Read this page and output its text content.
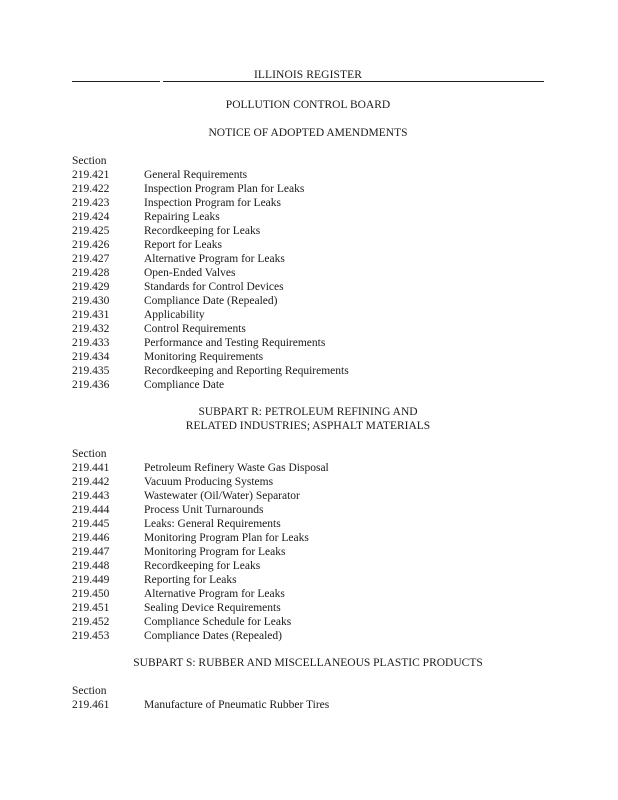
ILLINOIS REGISTER
POLLUTION CONTROL BOARD
NOTICE OF ADOPTED AMENDMENTS
Section
219.421	General Requirements
219.422	Inspection Program Plan for Leaks
219.423	Inspection Program for Leaks
219.424	Repairing Leaks
219.425	Recordkeeping for Leaks
219.426	Report for Leaks
219.427	Alternative Program for Leaks
219.428	Open-Ended Valves
219.429	Standards for Control Devices
219.430	Compliance Date (Repealed)
219.431	Applicability
219.432	Control Requirements
219.433	Performance and Testing Requirements
219.434	Monitoring Requirements
219.435	Recordkeeping and Reporting Requirements
219.436	Compliance Date
SUBPART R: PETROLEUM REFINING AND
RELATED INDUSTRIES; ASPHALT MATERIALS
Section
219.441	Petroleum Refinery Waste Gas Disposal
219.442	Vacuum Producing Systems
219.443	Wastewater (Oil/Water) Separator
219.444	Process Unit Turnarounds
219.445	Leaks: General Requirements
219.446	Monitoring Program Plan for Leaks
219.447	Monitoring Program for Leaks
219.448	Recordkeeping for Leaks
219.449	Reporting for Leaks
219.450	Alternative Program for Leaks
219.451	Sealing Device Requirements
219.452	Compliance Schedule for Leaks
219.453	Compliance Dates (Repealed)
SUBPART S: RUBBER AND MISCELLANEOUS PLASTIC PRODUCTS
Section
219.461	Manufacture of Pneumatic Rubber Tires
